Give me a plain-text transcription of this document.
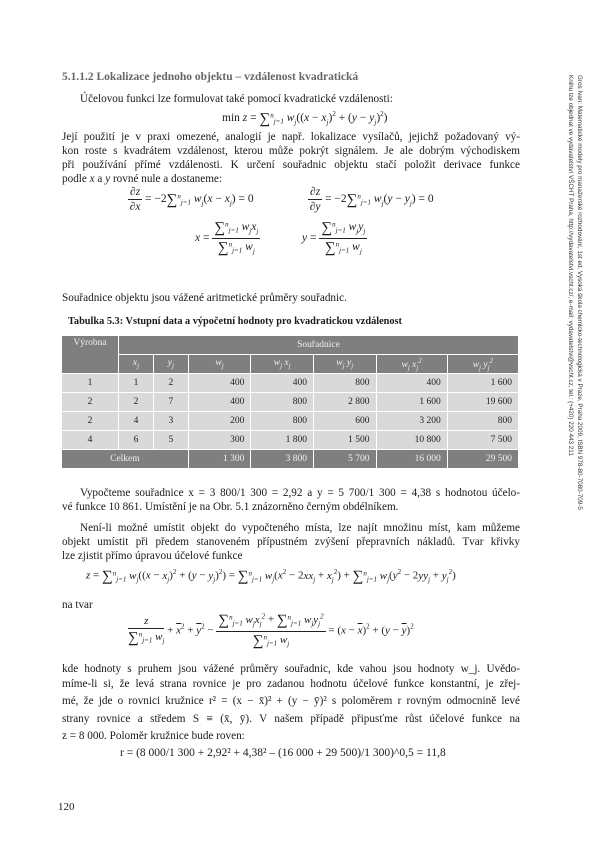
5.1.1.2 Lokalizace jednoho objektu – vzdálenost kvadratická
Účelovou funkci lze formulovat také pomocí kvadratické vzdálenosti:
min z = ∑$^n_{j=1}$ $w_j((x - x_j)^2 + (y - y_j)^2)$
Její použití je v praxi omezené, analogií je např. lokalizace vysílačů, jejichž požadovaný vý-
kon roste s kvadrátem vzdálenost, kterou může pokrýt signálem. Je ale dobrým východiskem
při používání přímé vzdálenosti. K určení souřadnic objektu stačí položit derivace funkce
podle x a y rovné nule a dostaneme:
$\frac{\partial z}{\partial x} = -2\sum^n_{j=1}$ $w_j(x - x_j) = 0$	$\frac{\partial z}{\partial y} = -2\sum^n_{j=1}$ $w_j(y - y_j) = 0$
$x = \frac{\sum^n_{j=1} w_jx_j}{\sum^n_{j=1} w_j}$	$y = \frac{\sum^n_{j=1} w_jy_j}{\sum^n_{j=1} w_j}$
Souřadnice objektu jsou vážené aritmetické průměry souřadnic.
Tabulka 5.3: Vstupní data a výpočetní hodnoty pro kvadratickou vzdálenost
Výrobna	Souřadnice						
	$x_j$	$y_j$	$w_j$	$w_j$ $x_j$	$w_j$ $y_j$	$w_j$ $x_j^2$	$w_j$ $y_j^2$
1	1	2	400	400	800	400	1 600
2	2	7	400	800	2 800	1 600	19 600
2	4	3	200	800	600	3 200	800
4	6	5	300	1 800	1 500	10 800	7 500
Celkem			1 300	3 800	5 700	16 000	29 500
Vypočteme souřadnice x = 3 800/1 300 = 2,92 a y = 5 700/1 300 = 4,38 s hodnotou účelo-
vé funkce 10 861. Umístění je na Obr. 5.1 znázorněno černým obdélníkem.
Není-li možné umístit objekt do vypočteného místa, lze najít množinu míst, kam můžeme
objekt umístit při předem stanoveném přípustném zvýšení přepravních nákladů. Tvar křivky
lze zjistit přímo úpravou účelové funkce
z = ∑$^n_{j=1}$ $w_j((x - x_j)^2 + (y - y_j)^2) = \sum^n_{j=1}$ $w_j(x^2 - 2xx_j + x_j^2) + \sum^n_{j=1}$ $w_j(y^2 - 2yy_j + y_j^2)$
na tvar
$\frac{z}{\sum^n_{j=1} w_j} + \overline{x}^2 + \overline{y}^2 - \frac{\sum^n_{j=1} w_jx_j^2 + \sum^n_{j=1} w_jy_j^2}{\sum^n_{j=1} w_j} = (x - \overline{x})^2 + (y - \overline{y})^2$
kde hodnoty s pruhem jsou vážené průměry souřadnic, kde vahou jsou hodnoty w_j. Uvědo-
míme-li si, že levá strana rovnice je pro zadanou hodnotu účelové funkce konstantní, je zřej-
mé, že jde o rovnici kružnice r² = (x − x̄)² + (y − ȳ)² s poloměrem r rovným odmocnině levé
strany rovnice a středem S ≡ (x̄, ȳ). V našem případě připusťme růst účelové funkce na
z = 8 000. Poloměr kružnice bude roven:
r = (8 000/1 300 + 2,92² + 4,38² – (16 000 + 29 500)/1 300)^0,5 = 11,8
120
Gros Ivan: Matematické modely pro manažerské rozhodování, 1st ed. Vysoká škola chemicko-technologická v Praze, Praha 2009, ISBN 978-80-7080-709-5
Knihu lze objednat ve vydavatelství VŠCHT Praha, http://vydavatelstvi.vscht.cz/, e-mail: vydavatelstvi@vscht.cz, tel.: (+420) 220 443 211
